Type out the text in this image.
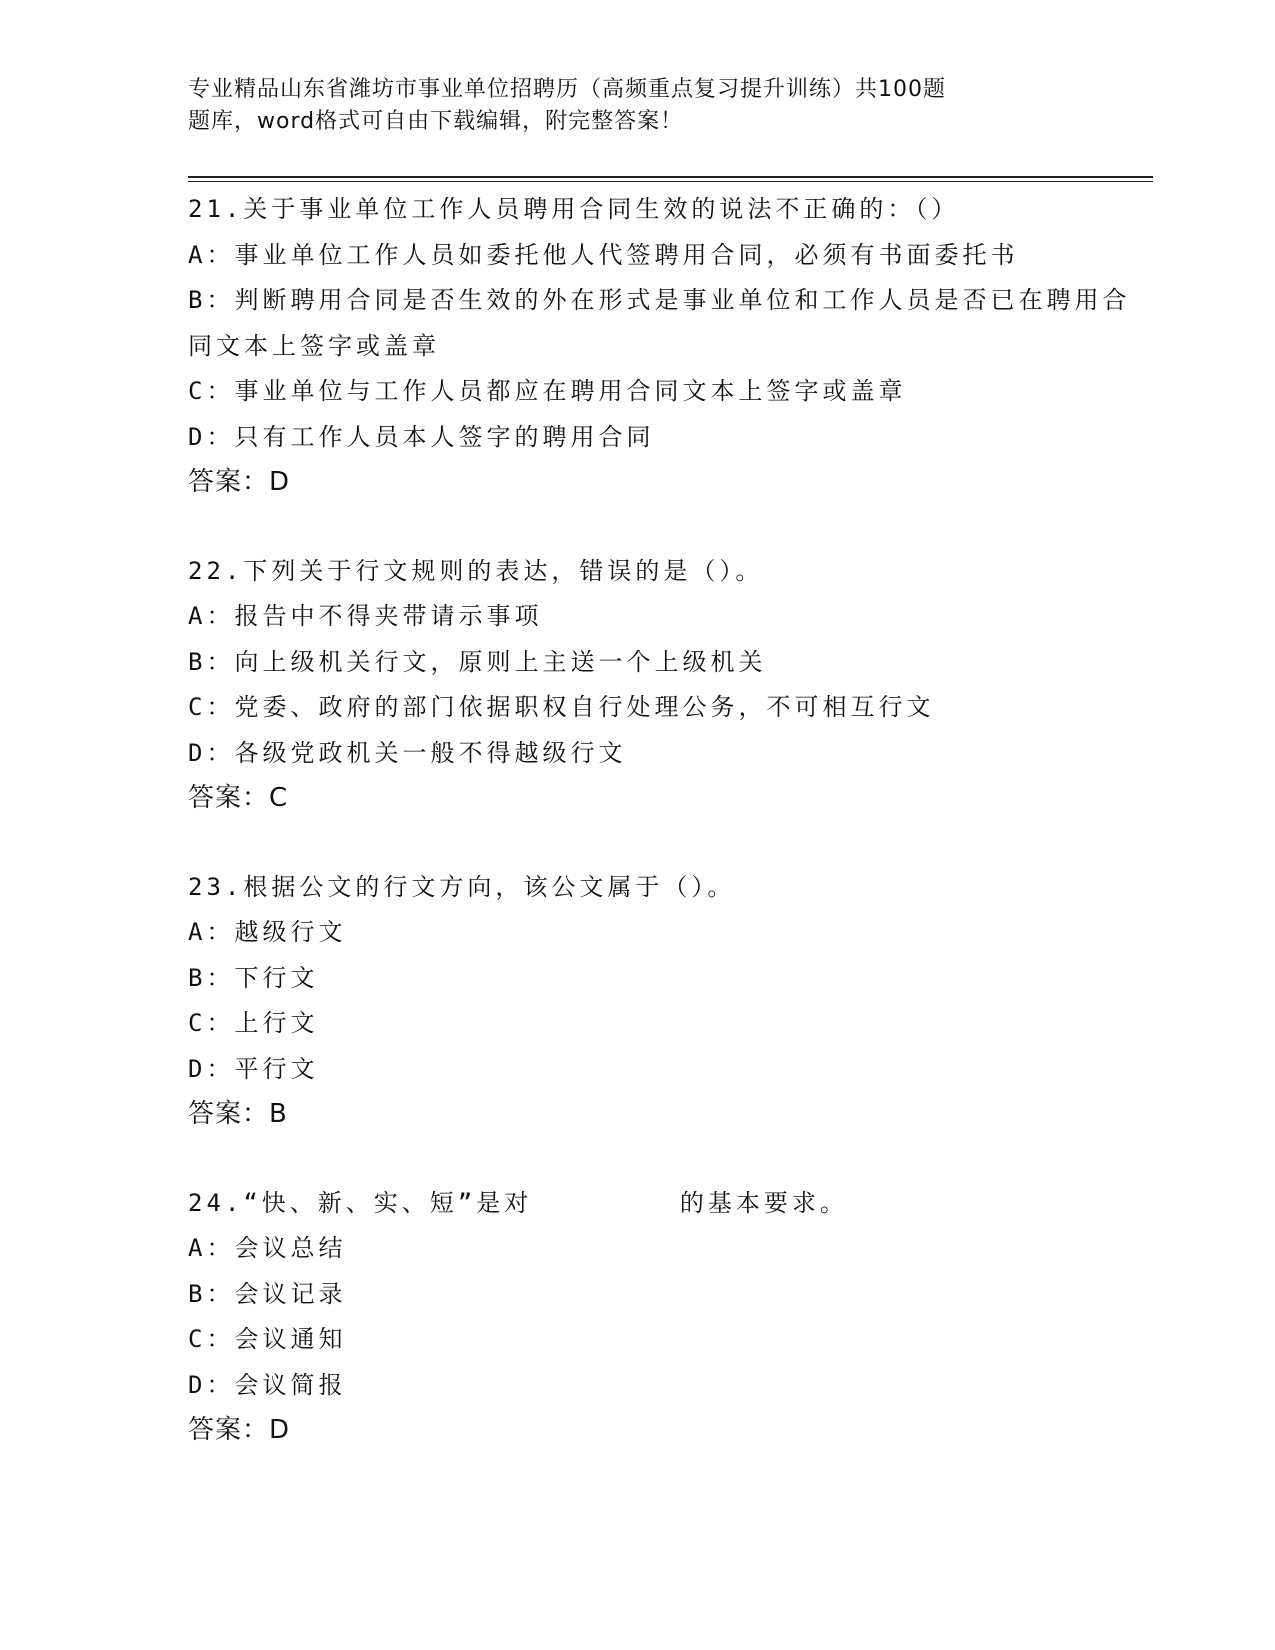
专业精品山东省潍坊市事业单位招聘历（高频重点复习提升训练）共100题
题库，word格式可自由下载编辑，附完整答案！

21.关于事业单位工作人员聘用合同生效的说法不正确的：（）

A：事业单位工作人员如委托他人代签聘用合同，必须有书面委托书

B：判断聘用合同是否生效的外在形式是事业单位和工作人员是否已在聘用合同文本上签字或盖章

C：事业单位与工作人员都应在聘用合同文本上签字或盖章

D：只有工作人员本人签字的聘用合同

答案：D

22.下列关于行文规则的表达，错误的是（）。

A：报告中不得夹带请示事项

B：向上级机关行文，原则上主送一个上级机关

C：党委、政府的部门依据职权自行处理公务，不可相互行文

D：各级党政机关一般不得越级行文

答案：C

23.根据公文的行文方向，该公文属于（）。

A：越级行文

B：下行文

C：上行文

D：平行文

答案：B

24.“快、新、实、短”是对        的基本要求。

A：会议总结

B：会议记录

C：会议通知

D：会议简报

答案：D
